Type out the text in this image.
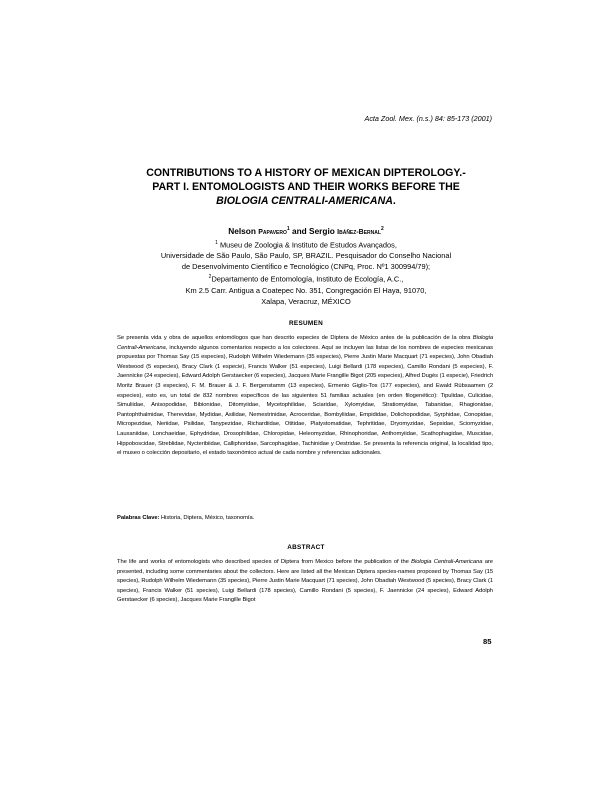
Acta Zool. Mex. (n.s.) 84: 85-173 (2001)
CONTRIBUTIONS TO A HISTORY OF MEXICAN DIPTEROLOGY.-
PART I. ENTOMOLOGISTS AND THEIR WORKS BEFORE THE
BIOLOGIA CENTRALI-AMERICANA.
Nelson Papavero$^1$ and Sergio Ibáñez-Bernal$^2$
$^1$ Museu de Zoologia & Instituto de Estudos Avançados,
Universidade de São Paulo, São Paulo, SP, BRAZIL. Pesquisador do Conselho Nacional
de Desenvolvimento Científico e Tecnológico (CNPq, Proc. Nº1 300994/79);
$^2$Departamento de Entomología, Instituto de Ecología, A.C.,
Km 2.5 Carr. Antigua a Coatepec No. 351, Congregación El Haya, 91070,
Xalapa, Veracruz, MÉXICO
RESUMEN
Se presenta vida y obra de aquellos entomólogos que han descrito especies de Diptera de México antes de la publicación de la obra Biologia Centrali-Americana, incluyendo algunos comentarios respecto a los colectores. Aquí se incluyen las listas de los nombres de especies mexicanas propuestas por Thomas Say (15 especies), Rudolph Wilhelm Wiedemann (35 especies), Pierre Justin Marie Macquart (71 especies), John Obadiah Westwood (5 especies), Bracy Clark (1 especie), Francis Walker (51 especies), Luigi Bellardi (178 especies), Camillo Rondani (5 especies), F. Jaennicke (24 especies), Edward Adolph Gerstaecker (6 especies), Jacques Marie Frangille Bigot (205 especies), Alfred Dugès (1 especie), Friedrich Moritz Brauer (3 especies), F. M. Brauer & J. F. Bergenstamm (13 especies), Ermenio Giglio-Tos (177 especies), and Ewald Rübsaamen (2 especies), esto es, un total de 832 nombres específicos de las siguientes 51 familias actuales (en orden filogenético): Tipulidae, Culicidae, Simuliidae, Anisopodidae, Bibionidae, Ditomyiidae, Mycetophilidae, Sciaridae, Xylomyidae, Stratiomyidae, Tabanidae, Rhagionidae, Pantophthalmidae, Therevidae, Mydidae, Asilidae, Nemestrinidae, Acroceridae, Bombyliidae, Empididae, Dolichopodidae, Syrphidae, Conopidae, Micropezidae, Neriidae, Psilidae, Tanypezidae, Richardiidae, Otitidae, Platystomatidae, Tephritidae, Dryomyzidae, Sepsidae, Sciomyzidae, Lauxaniidae, Lonchaeidae, Ephydridae, Drosophilidae, Chloropidae, Heleomyzidae, Rhinophoridae, Anthomyiidae, Scathophagidae, Muscidae, Hippoboscidae, Streblidae, Nycteribiidae, Calliphoridae, Sarcophagidae, Tachinidae y Oestridae. Se presenta la referencia original, la localidad tipo, el museo o colección depositario, el estado taxonómico actual de cada nombre y referencias adicionales.
Palabras Clave: Historia, Diptera, México, taxonomía.
ABSTRACT
The life and works of entomologists who described species of Diptera from Mexico before the publication of the Biologia Centrali-Americana are presented, including some commentaries about the collectors. Here are listed all the Mexican Diptera species-names proposed by Thomas Say (15 species), Rudolph Wilhelm Wiedemann (35 species), Pierre Justin Marie Macquart (71 species), John Obadiah Westwood (5 species), Bracy Clark (1 species), Francis Walker (51 species), Luigi Bellardi (178 species), Camillo Rondani (5 species), F. Jaennicke (24 species), Edward Adolph Gerstaecker (6 species), Jacques Marie Frangille Bigot
85
